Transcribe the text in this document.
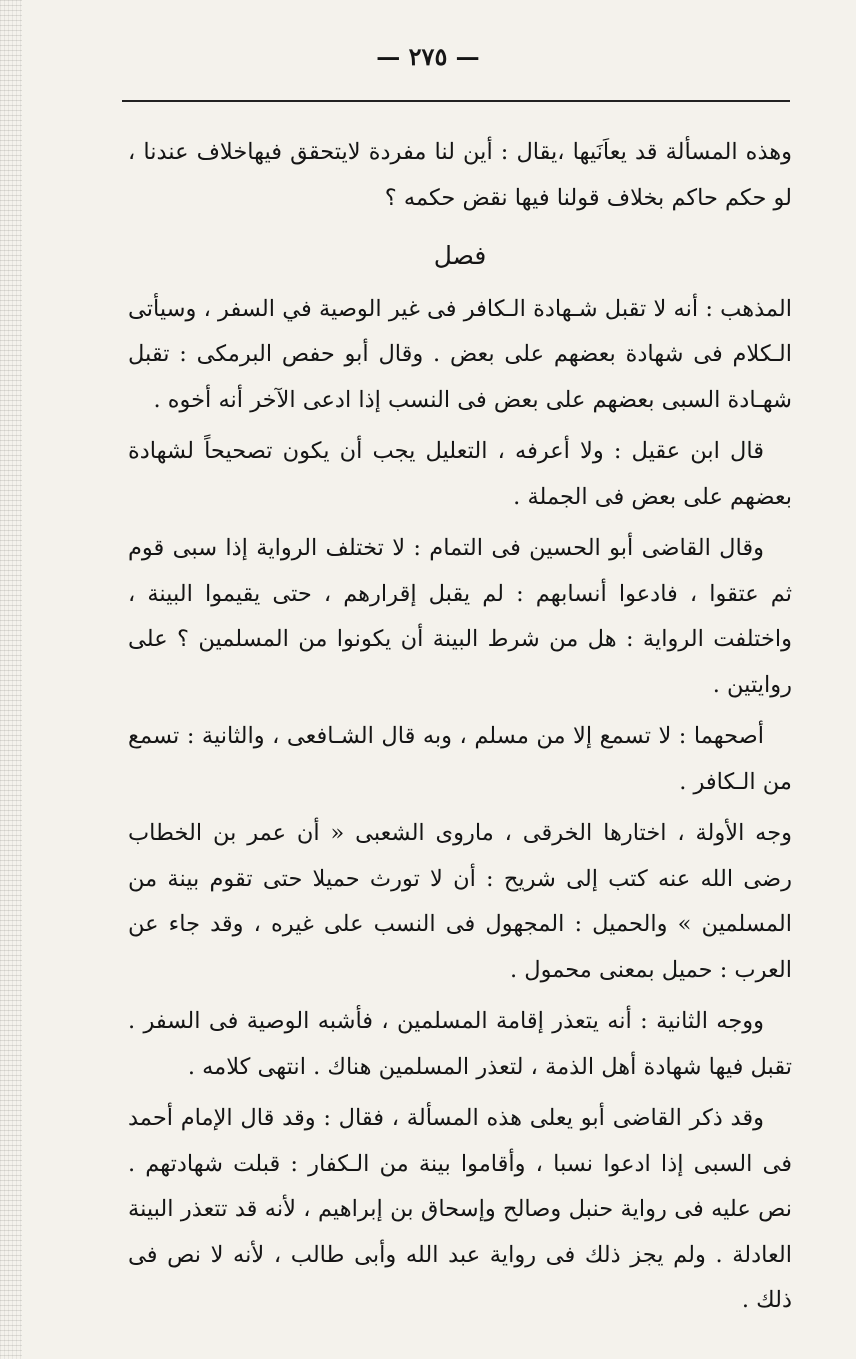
— ٢٧٥ —

وهذه المسألة قد يعاَنَيها ،يقال : أين لنا مفردة لايتحقق فيهاخلاف عندنا ، لو حكم حاكم بخلاف قولنا فيها نقض حكمه ؟

فصل

المذهب : أنه لا تقبل شـهادة الـكافر فى غير الوصية في السفر ، وسيأتى الـكلام فى شهادة بعضهم على بعض . وقال أبو حفص البرمكى : تقبل شهـادة السبى بعضهم على بعض فى النسب إذا ادعى الآخر أنه أخوه .

قال ابن عقيل : ولا أعرفه ، التعليل يجب أن يكون تصحيحاً لشهادة بعضهم على بعض فى الجملة .

وقال القاضى أبو الحسين فى التمام : لا تختلف الرواية إذا سبى قوم ثم عتقوا ، فادعوا أنسابهم : لم يقبل إقرارهم ، حتى يقيموا البينة ، واختلفت الرواية : هل من شرط البينة أن يكونوا من المسلمين ؟ على روايتين .

أصحهما : لا تسمع إلا من مسلم ، وبه قال الشـافعى ، والثانية : تسمع من الـكافر .

وجه الأولة ، اختارها الخرقى ، ماروى الشعبى « أن عمر بن الخطاب رضى الله عنه كتب إلى شريح : أن لا تورث حميلا حتى تقوم بينة من المسلمين » والحميل : المجهول فى النسب على غيره ، وقد جاء عن العرب : حميل بمعنى محمول .

ووجه الثانية : أنه يتعذر إقامة المسلمين ، فأشبه الوصية فى السفر . تقبل فيها شهادة أهل الذمة ، لتعذر المسلمين هناك . انتهى كلامه .

وقد ذكر القاضى أبو يعلى هذه المسألة ، فقال : وقد قال الإمام أحمد فى السبى إذا ادعوا نسبا ، وأقاموا بينة من الـكفار : قبلت شهادتهم . نص عليه فى رواية حنبل وصالح وإسحاق بن إبراهيم ، لأنه قد تتعذر البينة العادلة . ولم يجز ذلك فى رواية عبد الله وأبى طالب ، لأنه لا نص فى ذلك .
